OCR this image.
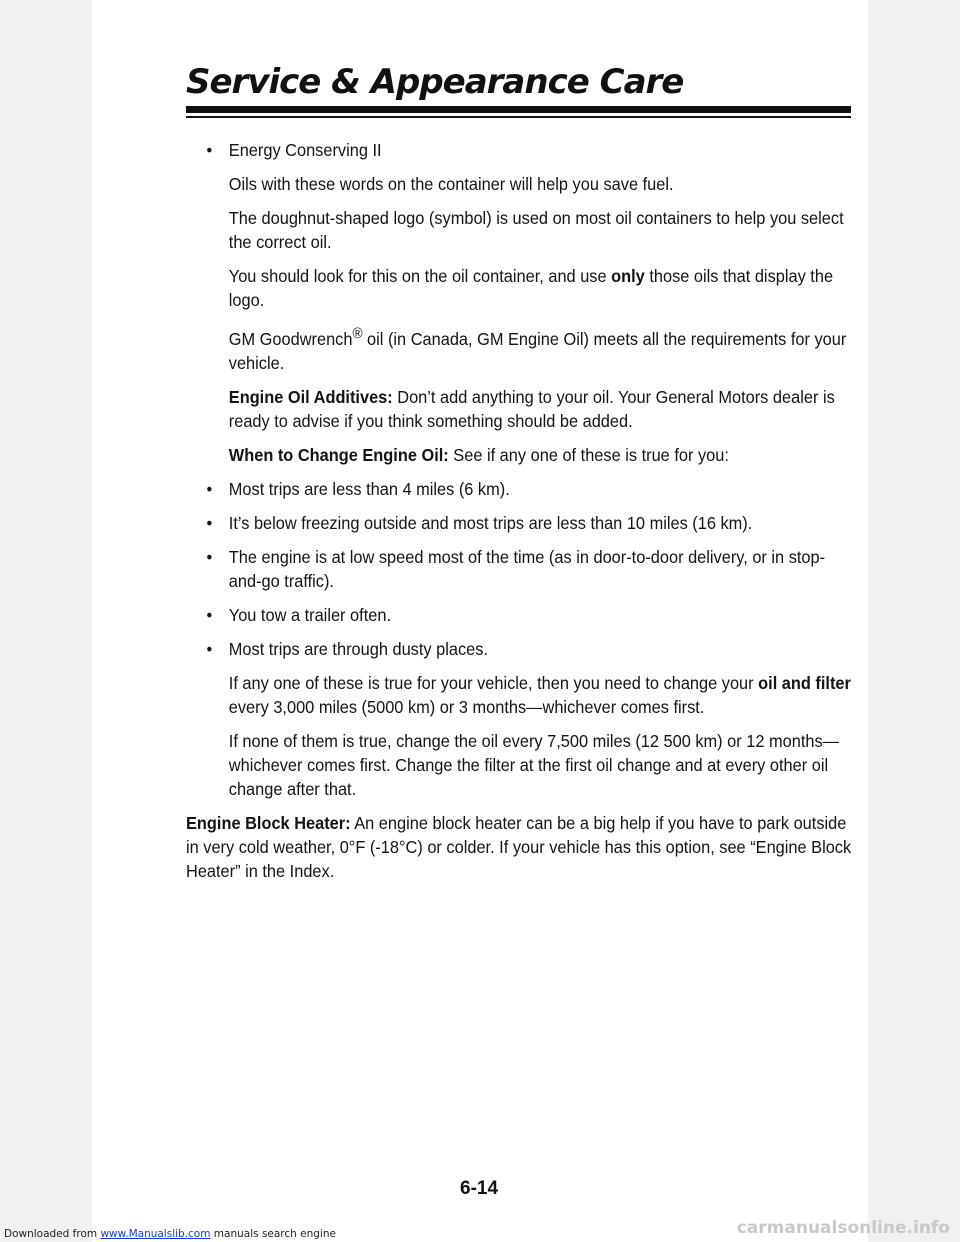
Service & Appearance Care

• Energy Conserving II

Oils with these words on the container will help you save fuel.

The doughnut-shaped logo (symbol) is used on most oil containers to help you select the correct oil.

You should look for this on the oil container, and use only those oils that display the logo.

GM Goodwrench® oil (in Canada, GM Engine Oil) meets all the requirements for your vehicle.

Engine Oil Additives: Don’t add anything to your oil. Your General Motors dealer is ready to advise if you think something should be added.

When to Change Engine Oil: See if any one of these is true for you:

• Most trips are less than 4 miles (6 km).

• It’s below freezing outside and most trips are less than 10 miles (16 km).

• The engine is at low speed most of the time (as in door-to-door delivery, or in stop-and-go traffic).

• You tow a trailer often.

• Most trips are through dusty places.

If any one of these is true for your vehicle, then you need to change your oil and filter every 3,000 miles (5000 km) or 3 months—whichever comes first.

If none of them is true, change the oil every 7,500 miles (12 500 km) or 12 months—whichever comes first. Change the filter at the first oil change and at every other oil change after that.

Engine Block Heater: An engine block heater can be a big help if you have to park outside in very cold weather, 0°F (-18°C) or colder. If your vehicle has this option, see “Engine Block Heater” in the Index.

6-14
Downloaded from www.Manualslib.com manuals search engine	carmanualsonline.info
